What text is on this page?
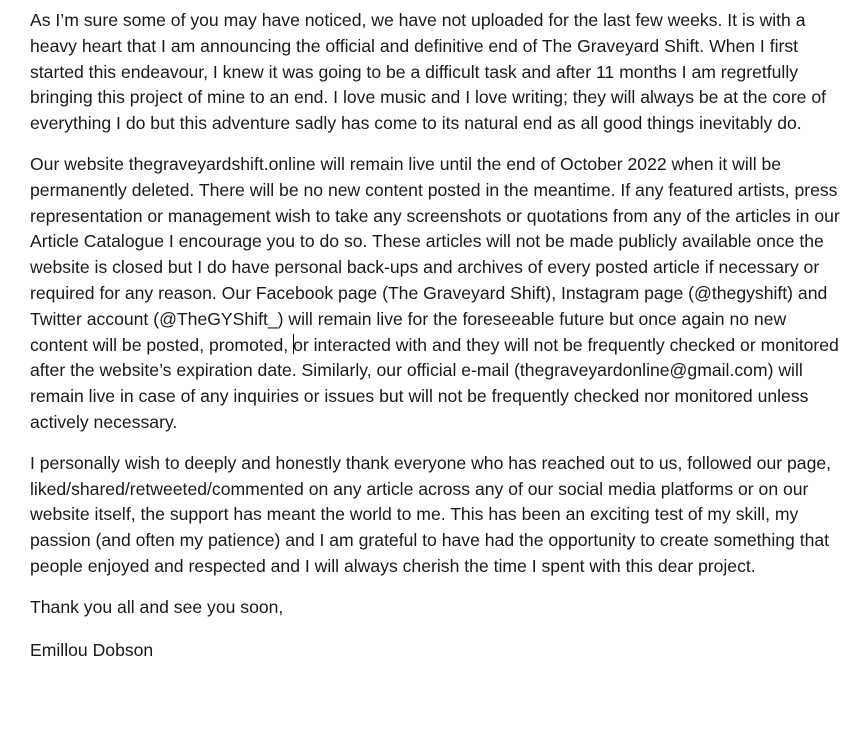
As I’m sure some of you may have noticed, we have not uploaded for the last few weeks. It is with a heavy heart that I am announcing the official and definitive end of The Graveyard Shift. When I first started this endeavour, I knew it was going to be a difficult task and after 11 months I am regretfully bringing this project of mine to an end. I love music and I love writing; they will always be at the core of everything I do but this adventure sadly has come to its natural end as all good things inevitably do.

Our website thegraveyardshift.online will remain live until the end of October 2022 when it will be permanently deleted. There will be no new content posted in the meantime. If any featured artists, press representation or management wish to take any screenshots or quotations from any of the articles in our Article Catalogue I encourage you to do so. These articles will not be made publicly available once the website is closed but I do have personal back-ups and archives of every posted article if necessary or required for any reason. Our Facebook page (The Graveyard Shift), Instagram page (@thegyshift) and Twitter account (@TheGYShift_) will remain live for the foreseeable future but once again no new content will be posted, promoted, or interacted with and they will not be frequently checked or monitored after the website’s expiration date. Similarly, our official e-mail (thegraveyardonline@gmail.com) will remain live in case of any inquiries or issues but will not be frequently checked nor monitored unless actively necessary.

I personally wish to deeply and honestly thank everyone who has reached out to us, followed our page, liked/shared/retweeted/commented on any article across any of our social media platforms or on our website itself, the support has meant the world to me. This has been an exciting test of my skill, my passion (and often my patience) and I am grateful to have had the opportunity to create something that people enjoyed and respected and I will always cherish the time I spent with this dear project.

Thank you all and see you soon,

Emillou Dobson
